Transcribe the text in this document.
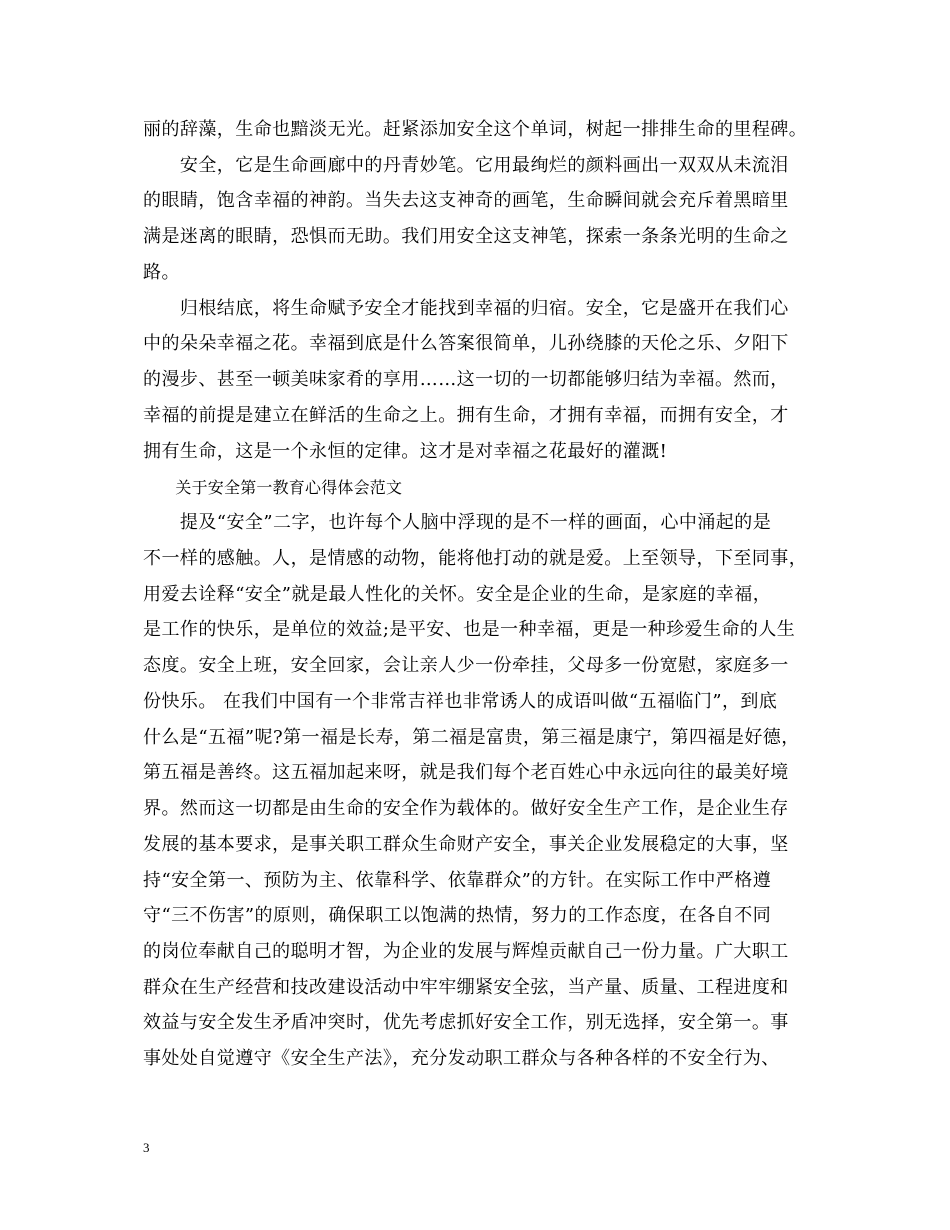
丽的辞藻，生命也黯淡无光。赶紧添加安全这个单词，树起一排排生命的里程碑。
　　安全，它是生命画廊中的丹青妙笔。它用最绚烂的颜料画出一双双从未流泪
的眼睛，饱含幸福的神韵。当失去这支神奇的画笔，生命瞬间就会充斥着黑暗里
满是迷离的眼睛，恐惧而无助。我们用安全这支神笔，探索一条条光明的生命之
路。
　　归根结底，将生命赋予安全才能找到幸福的归宿。安全，它是盛开在我们心
中的朵朵幸福之花。幸福到底是什么答案很简单，儿孙绕膝的天伦之乐、夕阳下
的漫步、甚至一顿美味家肴的享用……这一切的一切都能够归结为幸福。然而，
幸福的前提是建立在鲜活的生命之上。拥有生命，才拥有幸福，而拥有安全，才
拥有生命，这是一个永恒的定律。这才是对幸福之花最好的灌溉!
　　关于安全第一教育心得体会范文
　　提及“安全”二字，也许每个人脑中浮现的是不一样的画面，心中涌起的是
不一样的感触。人，是情感的动物，能将他打动的就是爱。上至领导，下至同事，
用爱去诠释“安全”就是最人性化的关怀。安全是企业的生命，是家庭的幸福，
是工作的快乐，是单位的效益;是平安、也是一种幸福，更是一种珍爱生命的人生
态度。安全上班，安全回家，会让亲人少一份牵挂，父母多一份宽慰，家庭多一
份快乐。 在我们中国有一个非常吉祥也非常诱人的成语叫做“五福临门”，到底
什么是“五福”呢?第一福是长寿，第二福是富贵，第三福是康宁，第四福是好德，
第五福是善终。这五福加起来呀，就是我们每个老百姓心中永远向往的最美好境
界。然而这一切都是由生命的安全作为载体的。做好安全生产工作，是企业生存
发展的基本要求，是事关职工群众生命财产安全，事关企业发展稳定的大事，坚
持“安全第一、预防为主、依靠科学、依靠群众”的方针。在实际工作中严格遵
守“三不伤害”的原则，确保职工以饱满的热情，努力的工作态度，在各自不同
的岗位奉献自己的聪明才智，为企业的发展与辉煌贡献自己一份力量。广大职工
群众在生产经营和技改建设活动中牢牢绷紧安全弦，当产量、质量、工程进度和
效益与安全发生矛盾冲突时，优先考虑抓好安全工作，别无选择，安全第一。事
事处处自觉遵守《安全生产法》，充分发动职工群众与各种各样的不安全行为、
3
